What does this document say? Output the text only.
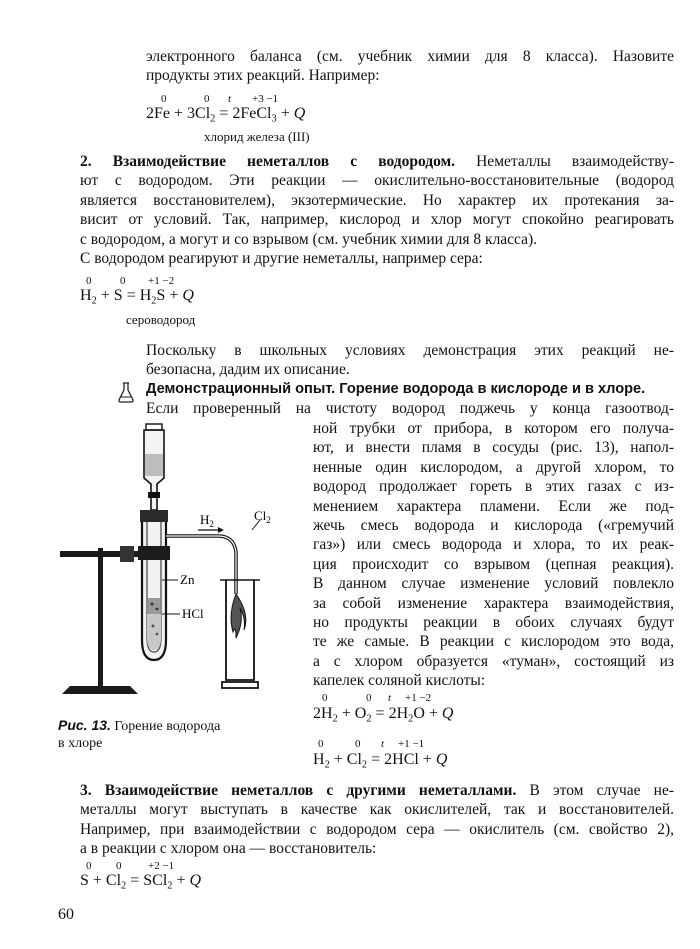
электронного баланса (см. учебник химии для 8 класса). Назовите
продукты этих реакций. Например:
0	0 t +3 −1
$2Fe + 3Cl_2$ = 2FeCl$_3$ + Q
хлорид железа (III)
2. Взаимодействие неметаллов с водородом. Неметаллы взаимодейству-
ют с водородом. Эти реакции — окислительно-восстановительные (водород
является восстановителем), экзотермические. Но характер их протекания за-
висит от условий. Так, например, кислород и хлор могут спокойно реагировать
с водородом, а могут и со взрывом (см. учебник химии для 8 класса).
С водородом реагируют и другие неметаллы, например сера:
0	0 +1 −2
$H_2 + S = H_2S + Q$
сероводород
Поскольку в школьных условиях демонстрация этих реакций не-
безопасна, дадим их описание.
Демонстрационный опыт. Горение водорода в кислороде и в хлоре.
Если проверенный на чистоту водород поджечь у конца газоотвод-
ной трубки от прибора, в котором его получа-
ют, и внести пламя в сосуды (рис. 13), напол-
ненные один кислородом, а другой хлором, то
водород продолжает гореть в этих газах с из-
менением характера пламени. Если же под-
жечь смесь водорода и кислорода («гремучий
газ») или смесь водорода и хлора, то их реак-
ция происходит со взрывом (цепная реакция).
В данном случае изменение условий повлекло
за собой изменение характера взаимодействия,
но продукты реакции в обоих случаях будут
те же самые. В реакции с кислородом это вода,
а с хлором образуется «туман», состоящий из
капелек соляной кислоты:
$H_2$
$Cl_2$
Zn
HCl
Рис. 13. Горение водорода
в хлоре
0	0 t +1 −2
$2H_2 + O_2 = 2H_2O + Q$
0	0 t +1 −1
$H_2 + Cl_2 = 2HCl + Q$
3. Взаимодействие неметаллов с другими неметаллами. В этом случае не-
металлы могут выступать в качестве как окислителей, так и восстановителей.
Например, при взаимодействии с водородом сера — окислитель (см. свойство 2),
а в реакции с хлором она — восстановитель:
0 0 +2 −1
$S + Cl_2 = SCl_2 + Q$
60
